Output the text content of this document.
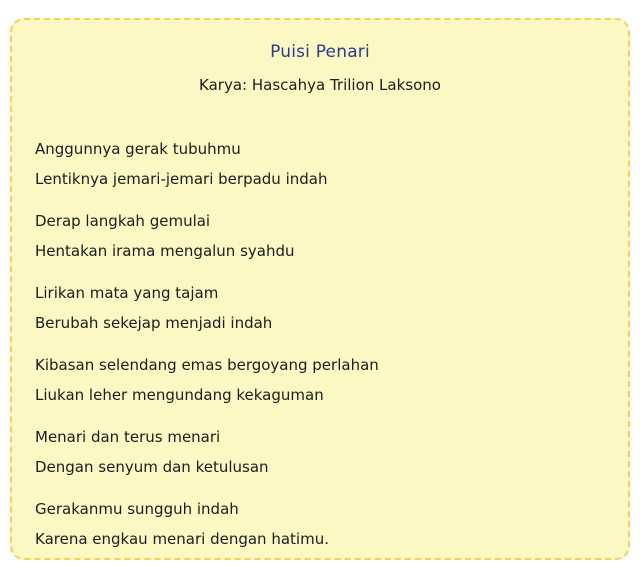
Puisi Penari
Karya: Hascahya Trilion Laksono
Anggunnya gerak tubuhmu
Lentiknya jemari-jemari berpadu indah
Derap langkah gemulai
Hentakan irama mengalun syahdu
Lirikan mata yang tajam
Berubah sekejap menjadi indah
Kibasan selendang emas bergoyang perlahan
Liukan leher mengundang kekaguman
Menari dan terus menari
Dengan senyum dan ketulusan
Gerakanmu sungguh indah
Karena engkau menari dengan hatimu.
